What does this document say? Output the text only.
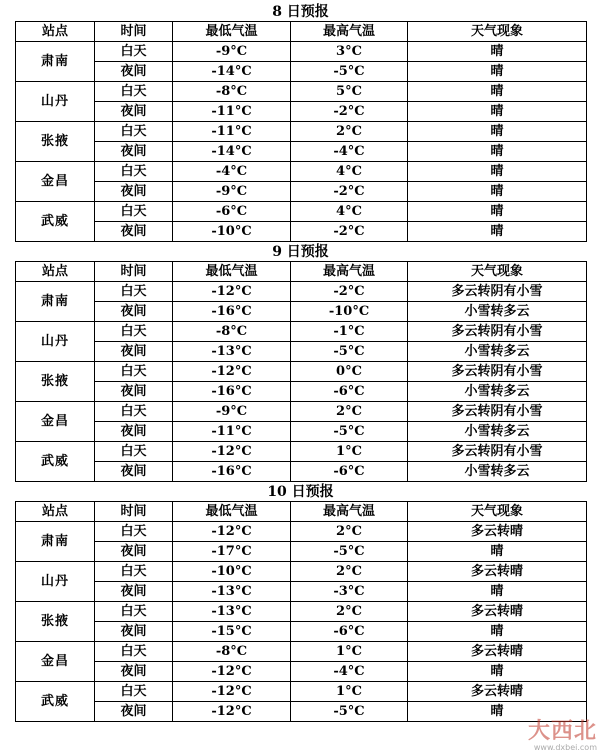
8 日预报
站点	时间	最低气温	最高气温	天气现象
肃南	白天	-9°C	3°C	晴
	夜间	-14°C	-5°C	晴
山丹	白天	-8°C	5°C	晴
	夜间	-11°C	-2°C	晴
张掖	白天	-11°C	2°C	晴
	夜间	-14°C	-4°C	晴
金昌	白天	-4°C	4°C	晴
	夜间	-9°C	-2°C	晴
武威	白天	-6°C	4°C	晴
	夜间	-10°C	-2°C	晴
9 日预报
站点	时间	最低气温	最高气温	天气现象
肃南	白天	-12°C	-2°C	多云转阴有小雪
	夜间	-16°C	-10°C	小雪转多云
山丹	白天	-8°C	-1°C	多云转阴有小雪
	夜间	-13°C	-5°C	小雪转多云
张掖	白天	-12°C	0°C	多云转阴有小雪
	夜间	-16°C	-6°C	小雪转多云
金昌	白天	-9°C	2°C	多云转阴有小雪
	夜间	-11°C	-5°C	小雪转多云
武威	白天	-12°C	1°C	多云转阴有小雪
	夜间	-16°C	-6°C	小雪转多云
10 日预报
站点	时间	最低气温	最高气温	天气现象
肃南	白天	-12°C	2°C	多云转晴
	夜间	-17°C	-5°C	晴
山丹	白天	-10°C	2°C	多云转晴
	夜间	-13°C	-3°C	晴
张掖	白天	-13°C	2°C	多云转晴
	夜间	-15°C	-6°C	晴
金昌	白天	-8°C	1°C	多云转晴
	夜间	-12°C	-4°C	晴
武威	白天	-12°C	1°C	多云转晴
	夜间	-12°C	-5°C	晴
大西北
www.dxbei.com
